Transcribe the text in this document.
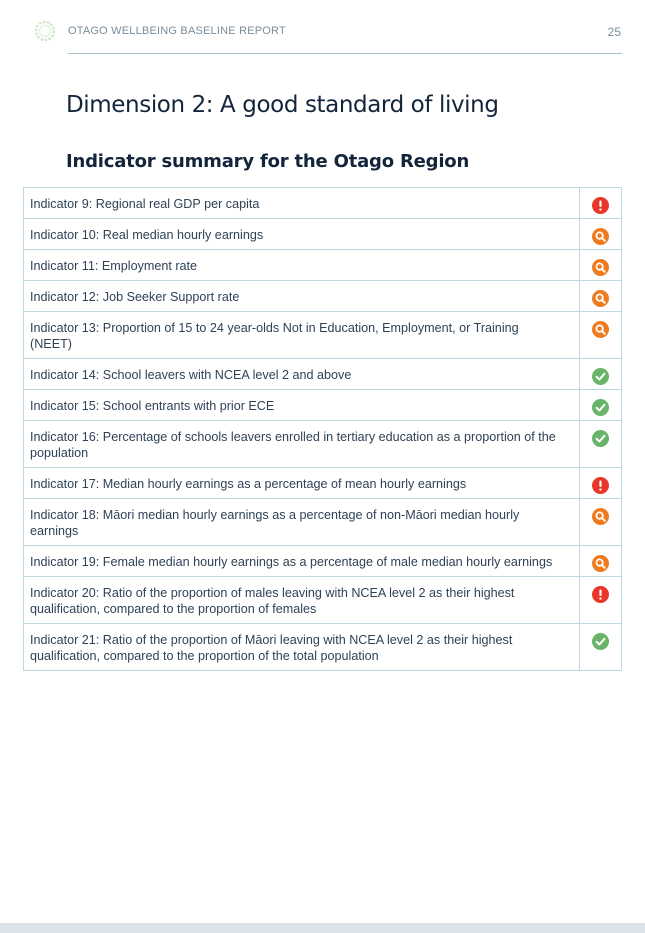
OTAGO WELLBEING BASELINE REPORT	25
Dimension 2: A good standard of living
Indicator summary for the Otago Region
Indicator 9: Regional real GDP per capita	

Indicator 10: Real median hourly earnings	

Indicator 11: Employment rate	

Indicator 12: Job Seeker Support rate	

Indicator 13: Proportion of 15 to 24 year-olds Not in Education, Employment, or Training (NEET)	

Indicator 14: School leavers with NCEA level 2 and above	

Indicator 15: School entrants with prior ECE	

Indicator 16: Percentage of schools leavers enrolled in tertiary education as a proportion of the population	

Indicator 17: Median hourly earnings as a percentage of mean hourly earnings	

Indicator 18: Māori median hourly earnings as a percentage of non-Māori median hourly earnings	

Indicator 19: Female median hourly earnings as a percentage of male median hourly earnings	

Indicator 20: Ratio of the proportion of males leaving with NCEA level 2 as their highest qualification, compared to the proportion of females	

Indicator 21: Ratio of the proportion of Māori leaving with NCEA level 2 as their highest qualification, compared to the proportion of the total population	
